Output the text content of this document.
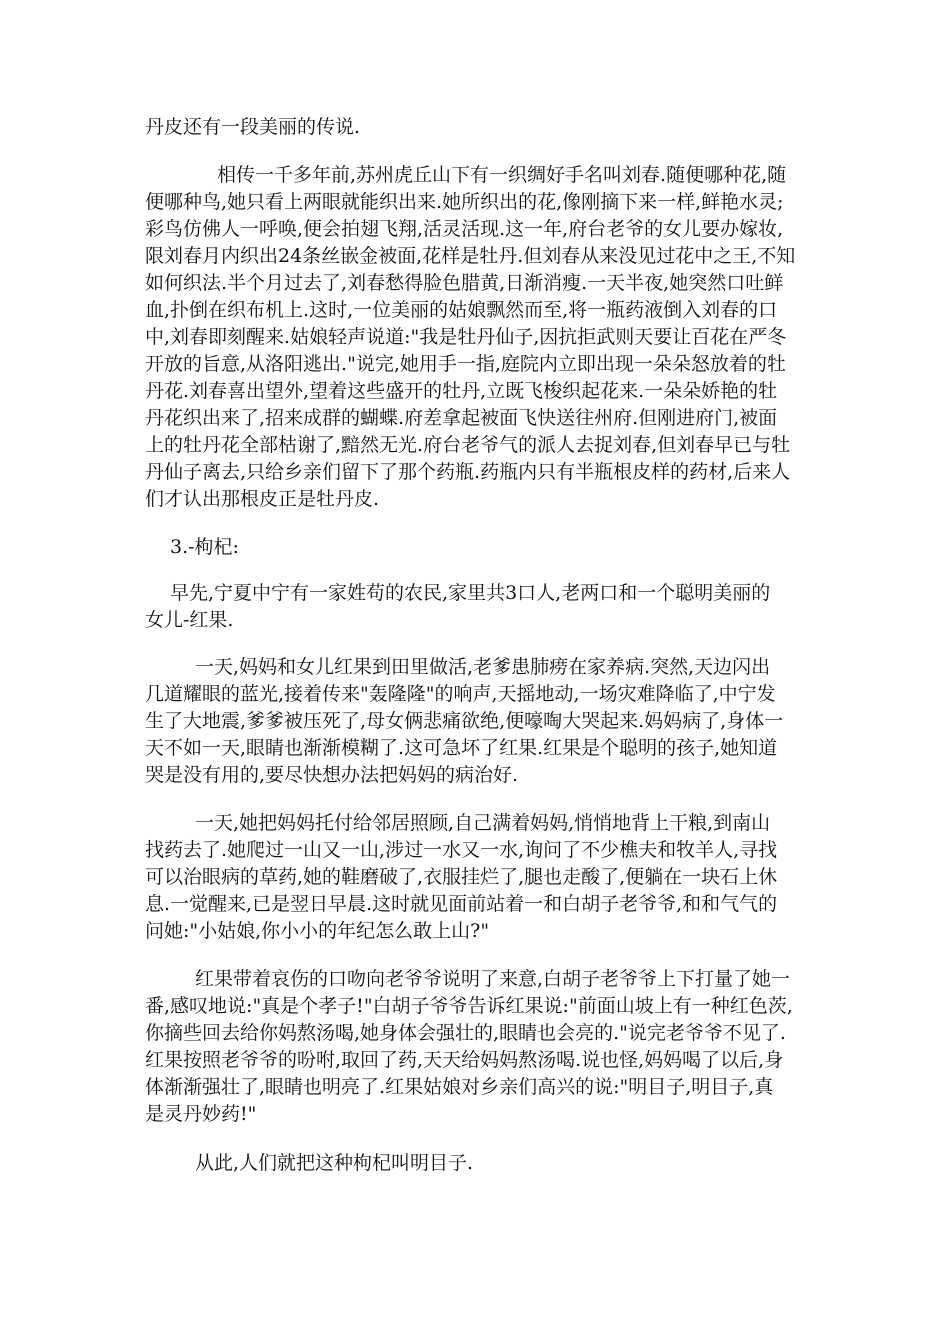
丹皮还有一段美丽的传说.
相传一千多年前,苏州虎丘山下有一织绸好手名叫刘春.随便哪种花,随
便哪种鸟,她只看上两眼就能织出来.她所织出的花,像刚摘下来一样,鲜艳水灵;
彩鸟仿佛人一呼唤,便会拍翅飞翔,活灵活现.这一年,府台老爷的女儿要办嫁妆,
限刘春月内织出24条丝嵌金被面,花样是牡丹.但刘春从来没见过花中之王,不知
如何织法.半个月过去了,刘春愁得脸色腊黄,日渐消瘦.一天半夜,她突然口吐鲜
血,扑倒在织布机上.这时,一位美丽的姑娘飘然而至,将一瓶药液倒入刘春的口
中,刘春即刻醒来.姑娘轻声说道:"我是牡丹仙子,因抗拒武则天要让百花在严冬
开放的旨意,从洛阳逃出."说完,她用手一指,庭院内立即出现一朵朵怒放着的牡
丹花.刘春喜出望外,望着这些盛开的牡丹,立既飞梭织起花来.一朵朵娇艳的牡
丹花织出来了,招来成群的蝴蝶.府差拿起被面飞快送往州府.但刚进府门,被面
上的牡丹花全部枯谢了,黯然无光.府台老爷气的派人去捉刘春,但刘春早已与牡
丹仙子离去,只给乡亲们留下了那个药瓶.药瓶内只有半瓶根皮样的药材,后来人
们才认出那根皮正是牡丹皮.
3.-枸杞:
早先,宁夏中宁有一家姓苟的农民,家里共3口人,老两口和一个聪明美丽的
女儿-红果.
一天,妈妈和女儿红果到田里做活,老爹患肺痨在家养病.突然,天边闪出
几道耀眼的蓝光,接着传来"轰隆隆"的响声,天摇地动,一场灾难降临了,中宁发
生了大地震,爹爹被压死了,母女俩悲痛欲绝,便嚎啕大哭起来.妈妈病了,身体一
天不如一天,眼睛也渐渐模糊了.这可急坏了红果.红果是个聪明的孩子,她知道
哭是没有用的,要尽快想办法把妈妈的病治好.
一天,她把妈妈托付给邻居照顾,自己满着妈妈,悄悄地背上干粮,到南山
找药去了.她爬过一山又一山,涉过一水又一水,询问了不少樵夫和牧羊人,寻找
可以治眼病的草药,她的鞋磨破了,衣服挂烂了,腿也走酸了,便躺在一块石上休
息.一觉醒来,已是翌日早晨.这时就见面前站着一和白胡子老爷爷,和和气气的
问她:"小姑娘,你小小的年纪怎么敢上山?"
红果带着哀伤的口吻向老爷爷说明了来意,白胡子老爷爷上下打量了她一
番,感叹地说:"真是个孝子!"白胡子爷爷告诉红果说:"前面山坡上有一种红色茨,
你摘些回去给你妈熬汤喝,她身体会强壮的,眼睛也会亮的."说完老爷爷不见了.
红果按照老爷爷的吩咐,取回了药,天天给妈妈熬汤喝.说也怪,妈妈喝了以后,身
体渐渐强壮了,眼睛也明亮了.红果姑娘对乡亲们高兴的说:"明目子,明目子,真
是灵丹妙药!"
从此,人们就把这种枸杞叫明目子.
